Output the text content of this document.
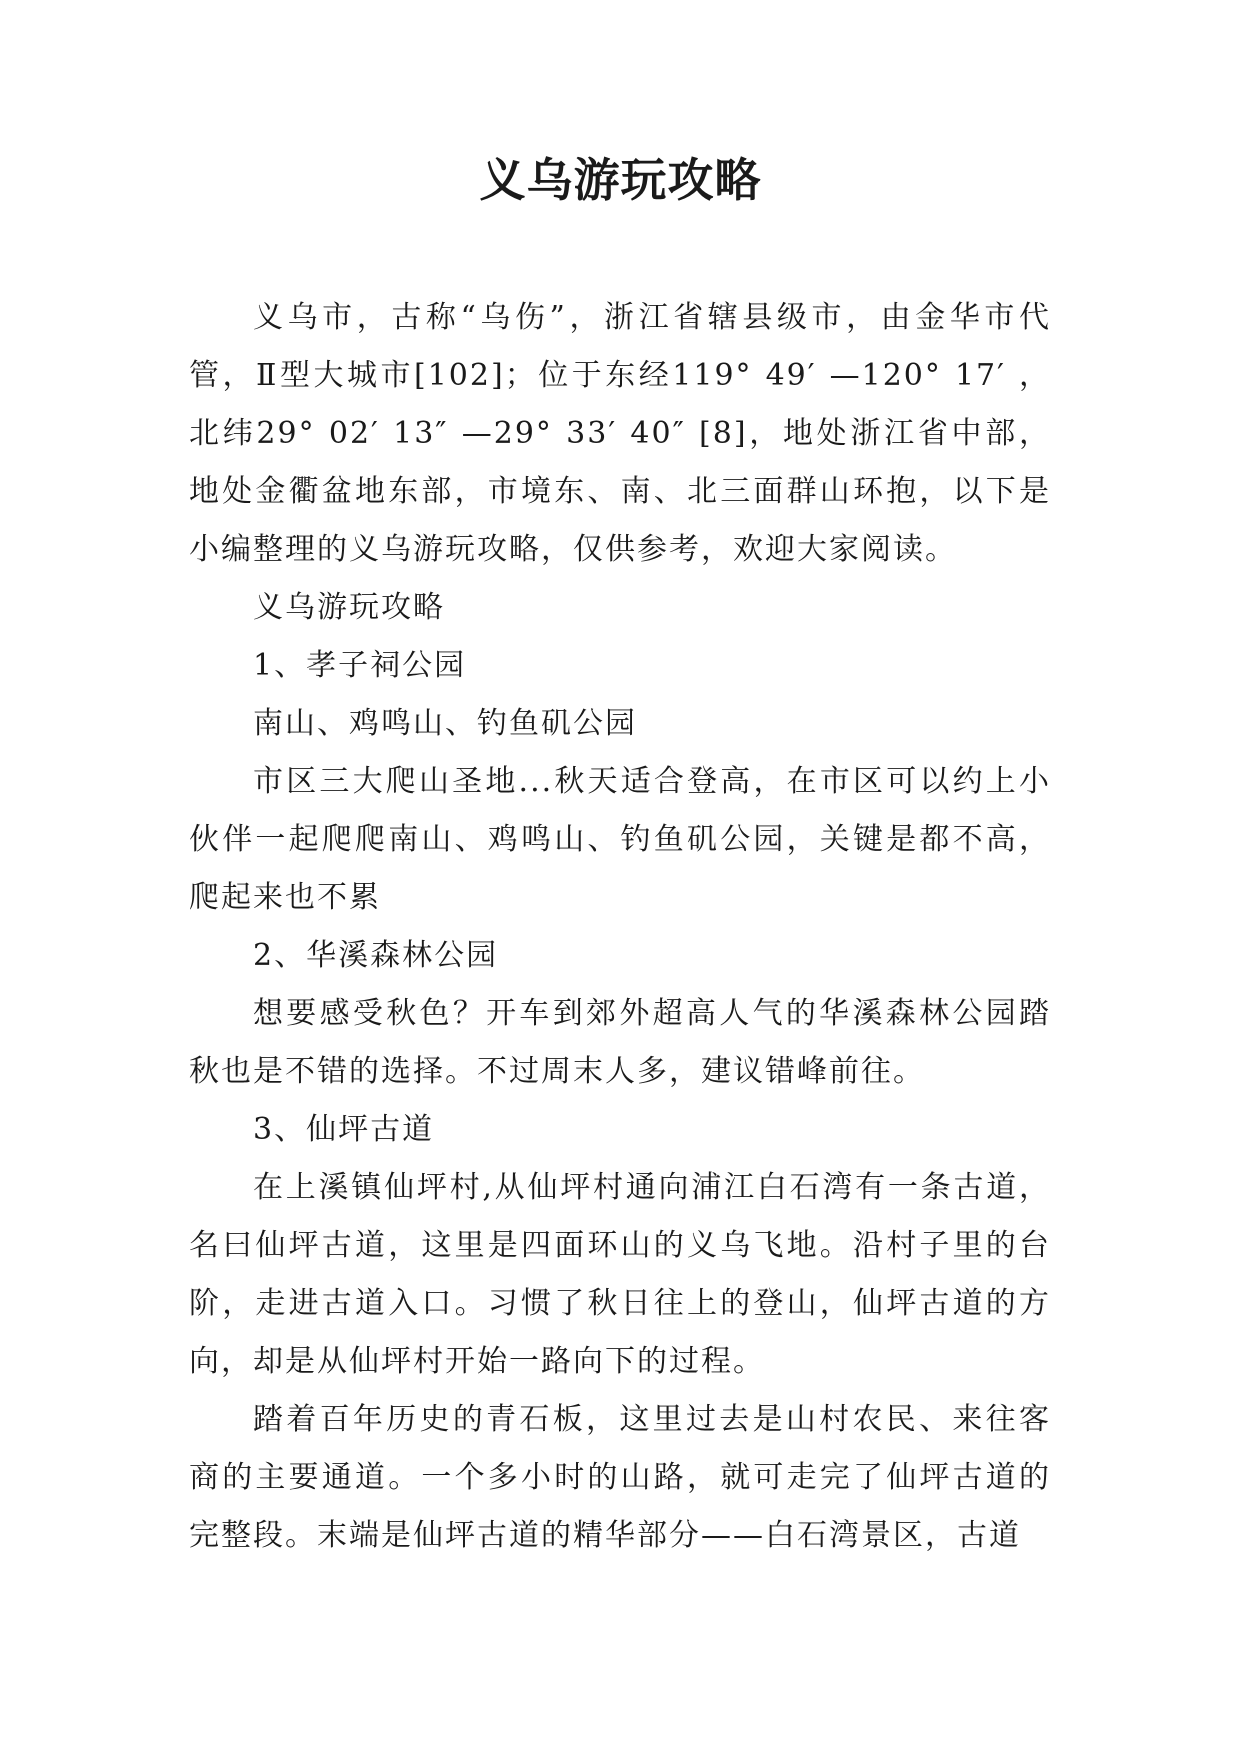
义乌游玩攻略

义乌市，古称“乌伤”，浙江省辖县级市，由金华市代管，Ⅱ型大城市[102]；位于东经119° 49′ —120° 17′ ，北纬29° 02′ 13″ —29° 33′ 40″ [8]，地处浙江省中部，地处金衢盆地东部，市境东、南、北三面群山环抱，以下是小编整理的义乌游玩攻略，仅供参考，欢迎大家阅读。

义乌游玩攻略

1、孝子祠公园

南山、鸡鸣山、钓鱼矶公园

市区三大爬山圣地...秋天适合登高，在市区可以约上小伙伴一起爬爬南山、鸡鸣山、钓鱼矶公园，关键是都不高，爬起来也不累

2、华溪森林公园

想要感受秋色？开车到郊外超高人气的华溪森林公园踏秋也是不错的选择。不过周末人多，建议错峰前往。

3、仙坪古道

在上溪镇仙坪村,从仙坪村通向浦江白石湾有一条古道，名曰仙坪古道，这里是四面环山的义乌飞地。沿村子里的台阶，走进古道入口。习惯了秋日往上的登山，仙坪古道的方向，却是从仙坪村开始一路向下的过程。

踏着百年历史的青石板，这里过去是山村农民、来往客商的主要通道。一个多小时的山路，就可走完了仙坪古道的完整段。末端是仙坪古道的精华部分——白石湾景区，古道
